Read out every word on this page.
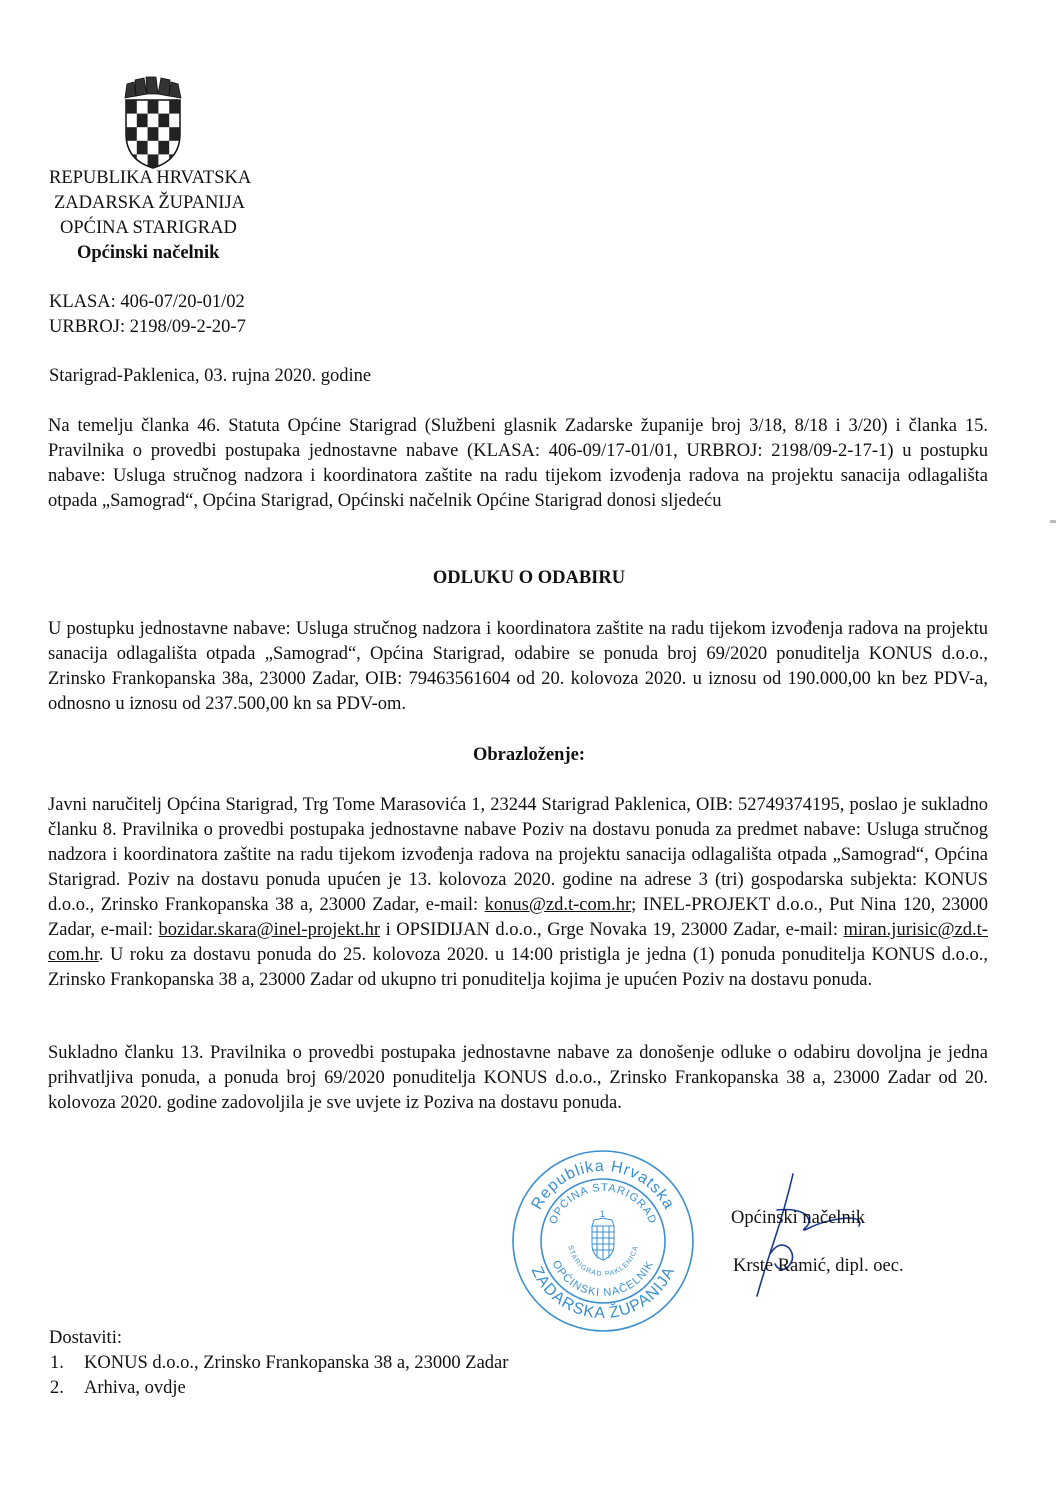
REPUBLIKA HRVATSKA
ZADARSKA ŽUPANIJA
OPĆINA STARIGRAD
Općinski načelnik
KLASA: 406-07/20-01/02
URBROJ: 2198/09-2-20-7
Starigrad-Paklenica, 03. rujna 2020. godine
Na temelju članka 46. Statuta Općine Starigrad (Službeni glasnik Zadarske županije broj 3/18, 8/18 i 3/20) i članka 15. Pravilnika o provedbi postupaka jednostavne nabave (KLASA: 406-09/17-01/01, URBROJ: 2198/09-2-17-1) u postupku nabave: Usluga stručnog nadzora i koordinatora zaštite na radu tijekom izvođenja radova na projektu sanacija odlagališta otpada „Samograd“, Općina Starigrad, Općinski načelnik Općine Starigrad donosi sljedeću
ODLUKU O ODABIRU
U postupku jednostavne nabave: Usluga stručnog nadzora i koordinatora zaštite na radu tijekom izvođenja radova na projektu sanacija odlagališta otpada „Samograd“, Općina Starigrad, odabire se ponuda broj 69/2020 ponuditelja KONUS d.o.o., Zrinsko Frankopanska 38a, 23000 Zadar, OIB: 79463561604 od 20. kolovoza 2020. u iznosu od 190.000,00 kn bez PDV-a, odnosno u iznosu od 237.500,00 kn sa PDV-om.
Obrazloženje:
Javni naručitelj Općina Starigrad, Trg Tome Marasovića 1, 23244 Starigrad Paklenica, OIB: 52749374195, poslao je sukladno članku 8. Pravilnika o provedbi postupaka jednostavne nabave Poziv na dostavu ponuda za predmet nabave: Usluga stručnog nadzora i koordinatora zaštite na radu tijekom izvođenja radova na projektu sanacija odlagališta otpada „Samograd“, Općina Starigrad. Poziv na dostavu ponuda upućen je 13. kolovoza 2020. godine na adrese 3 (tri) gospodarska subjekta: KONUS d.o.o., Zrinsko Frankopanska 38 a, 23000 Zadar, e-mail: konus@zd.t-com.hr; INEL-PROJEKT d.o.o., Put Nina 120, 23000 Zadar, e-mail: bozidar.skara@inel-projekt.hr i OPSIDIJAN d.o.o., Grge Novaka 19, 23000 Zadar, e-mail: miran.jurisic@zd.t-com.hr. U roku za dostavu ponuda do 25. kolovoza 2020. u 14:00 pristigla je jedna (1) ponuda ponuditelja KONUS d.o.o., Zrinsko Frankopanska 38 a, 23000 Zadar od ukupno tri ponuditelja kojima je upućen Poziv na dostavu ponuda.
Sukladno članku 13. Pravilnika o provedbi postupaka jednostavne nabave za donošenje odluke o odabiru dovoljna je jedna prihvatljiva ponuda, a ponuda broj 69/2020 ponuditelja KONUS d.o.o., Zrinsko Frankopanska 38 a, 23000 Zadar od 20. kolovoza 2020. godine zadovoljila je sve uvjete iz Poziva na dostavu ponuda.
Republika Hrvatska
ZADARSKA ŽUPANIJA
OPĆINA STARIGRAD
OPĆINSKI NAČELNIK
STARIGRAD PAKLENICA
1	Općinski načelnik
Krste Ramić, dipl. oec.
Dostaviti:
1. KONUS d.o.o., Zrinsko Frankopanska 38 a, 23000 Zadar
2. Arhiva, ovdje
